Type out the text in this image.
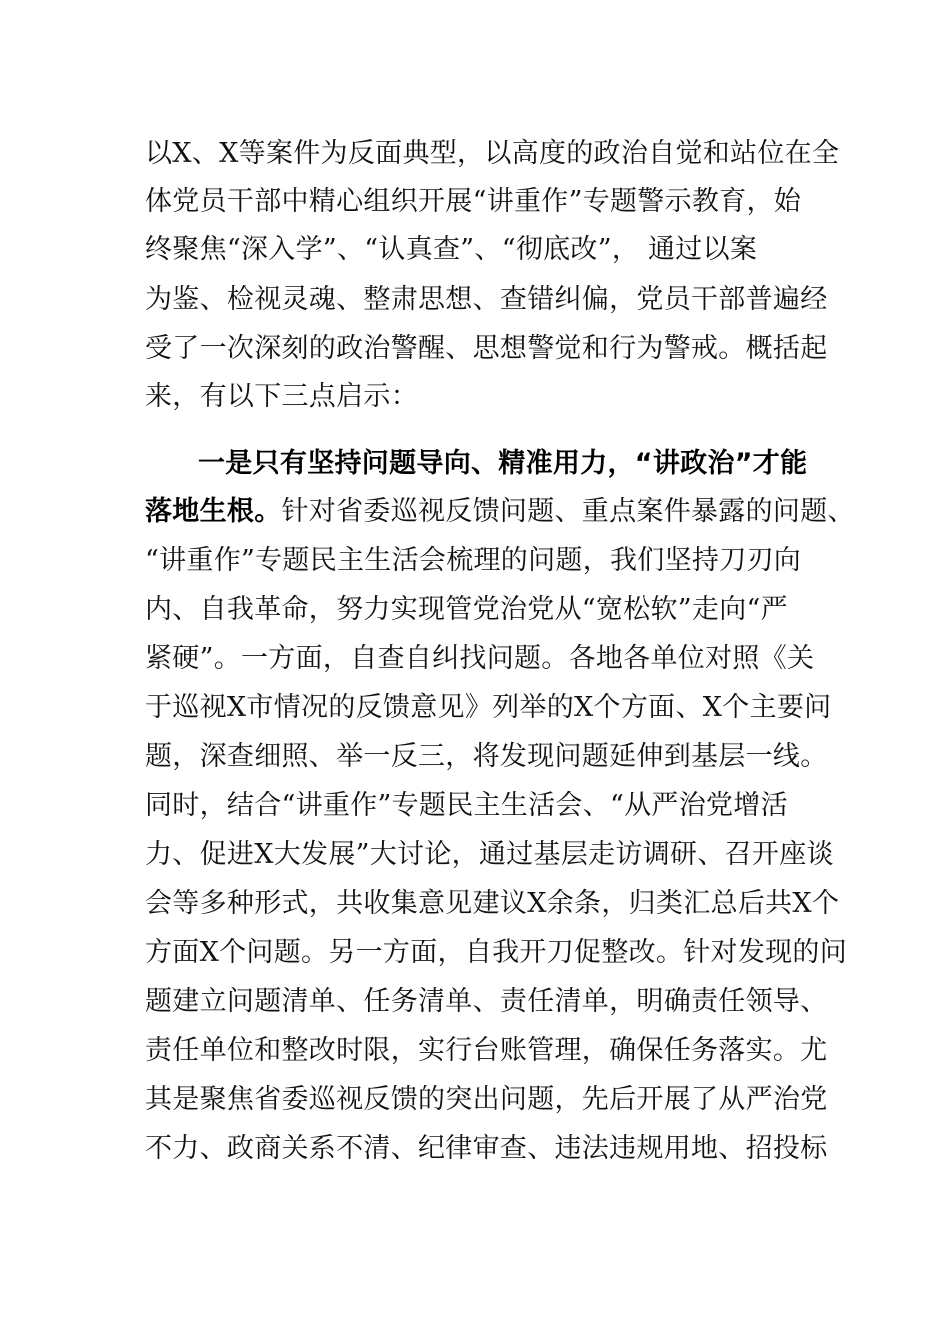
以X、X等案件为反面典型，以高度的政治自觉和站位在全
体党员干部中精心组织开展“讲重作”专题警示教育，始
终聚焦“深入学”、“认真查”、“彻底改”， 通过以案
为鉴、检视灵魂、整肃思想、查错纠偏，党员干部普遍经
受了一次深刻的政治警醒、思想警觉和行为警戒。概括起
来，有以下三点启示：
一是只有坚持问题导向、精准用力，“讲政治”才能
落地生根。针对省委巡视反馈问题、重点案件暴露的问题、
“讲重作”专题民主生活会梳理的问题，我们坚持刀刃向
内、自我革命，努力实现管党治党从“宽松软”走向“严
紧硬”。一方面，自查自纠找问题。各地各单位对照《关
于巡视X市情况的反馈意见》列举的X个方面、X个主要问
题，深查细照、举一反三，将发现问题延伸到基层一线。
同时，结合“讲重作”专题民主生活会、“从严治党增活
力、促进X大发展”大讨论，通过基层走访调研、召开座谈
会等多种形式，共收集意见建议X余条，归类汇总后共X个
方面X个问题。另一方面，自我开刀促整改。针对发现的问
题建立问题清单、任务清单、责任清单，明确责任领导、
责任单位和整改时限，实行台账管理，确保任务落实。尤
其是聚焦省委巡视反馈的突出问题，先后开展了从严治党
不力、政商关系不清、纪律审查、违法违规用地、招投标
